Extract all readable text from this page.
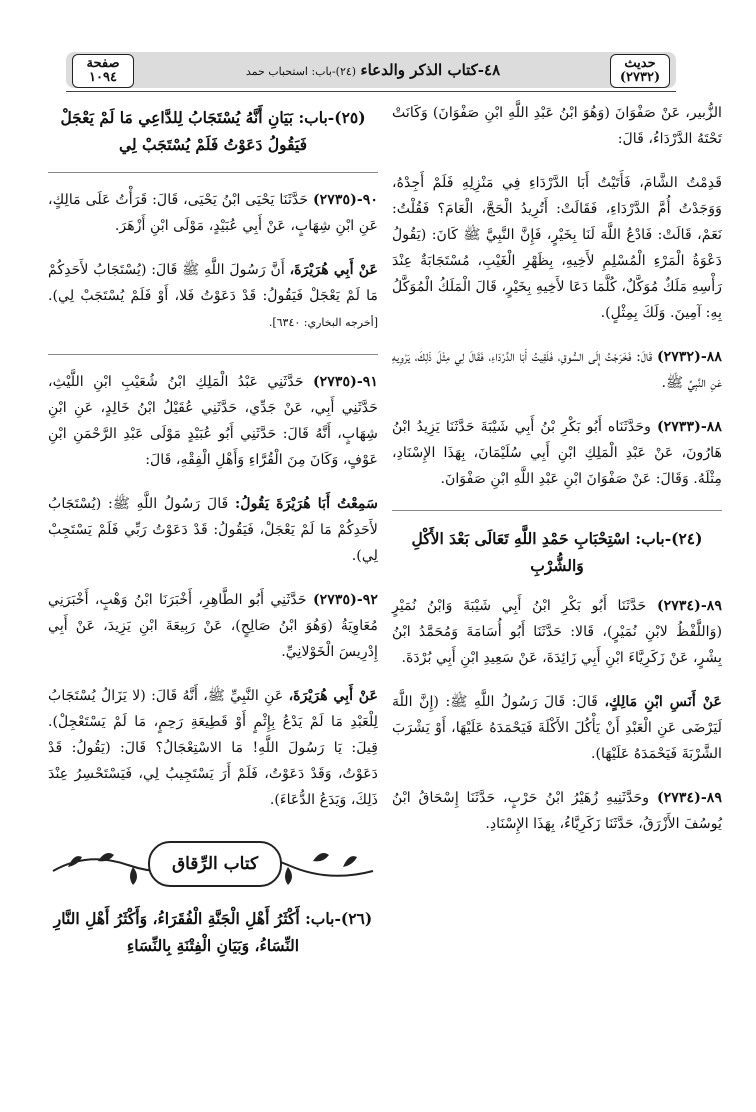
حديث
(٢٧٣٢)
٤٨-كتاب الذكر والدعاء (٢٤)-باب: استحباب حمد
صفحة
١٠٩٤

الزُّبير، عَنْ صَفْوَانَ (وَهُوَ ابْنُ عَبْدِ اللَّهِ ابْنِ صَفْوَانَ) وَكَانَتْ تَحْتَهُ الدَّرْدَاءُ، قَالَ:

قَدِمْتُ الشَّامَ، فَأَتَيْتُ أَبَا الدَّرْدَاءِ فِي مَنْزِلِهِ فَلَمْ أَجِدْهُ، وَوَجَدْتُ أُمَّ الدَّرْدَاءِ، فَقَالَتْ: أَتُرِيدُ الْحَجَّ، الْعَامَ؟ فَقُلْتُ: نَعَمْ، قَالَتْ: فَادْعُ اللَّهَ لَنَا بِخَيْرٍ، فَإِنَّ النَّبِيَّ ﷺ كَانَ: (يَقُولُ دَعْوَةُ الْمَرْءِ الْمُسْلِمِ لأَخِيهِ، بِظَهْرِ الْغَيْبِ، مُسْتَجَابَةٌ عِنْدَ رَأْسِهِ مَلَكٌ مُوَكَّلٌ، كُلَّمَا دَعَا لأَخِيهِ بِخَيْرٍ، قَالَ الْمَلَكُ الْمُوَكَّلُ بِهِ: آمِينَ. وَلَكَ بِمِثْلٍ).

٨٨-(٢٧٣٢) قَالَ: فَخَرَجْتُ إِلَى السُّوقِ، فَلَقِيتُ أَبَا الدَّرْدَاءِ، فَقَالَ لِي مِثْلَ ذَلِكَ، يَرْوِيهِ عَنِ النَّبِيِّ ﷺ.

٨٨-(٢٧٣٣) وحَدَّثَنَاه أَبُو بَكْرِ بْنُ أَبِي شَيْبَةَ حَدَّثَنَا يَزِيدُ ابْنُ هَارُونَ، عَنْ عَبْدِ الْمَلِكِ ابْنِ أَبِي سُلَيْمَانَ، بِهَذَا الإِسْنَادِ، مِثْلَهُ. وَقَالَ: عَنْ صَفْوَانَ ابْنِ عَبْدِ اللَّهِ ابْنِ صَفْوَانَ.

(٢٤)-باب: اسْتِحْبَابِ حَمْدِ اللَّهِ تَعَالَى بَعْدَ الأَكْلِ وَالشُّرْبِ

٨٩-(٢٧٣٤) حَدَّثَنَا أَبُو بَكْرِ ابْنُ أَبِي شَيْبَةَ وَابْنُ نُمَيْرٍ (وَاللَّفْظُ لابْنِ نُمَيْرٍ)، قَالا: حَدَّثَنَا أَبُو أُسَامَةَ وَمُحَمَّدُ ابْنُ بِشْرٍ، عَنْ زَكَرِيَّاءَ ابْنِ أَبِي زَائِدَةَ، عَنْ سَعِيدِ ابْنِ أَبِي بُرْدَةَ.

عَنْ أَنَسِ ابْنِ مَالِكٍ، قَالَ: قَالَ رَسُولُ اللَّهِ ﷺ: (إِنَّ اللَّهَ لَيَرْضَى عَنِ الْعَبْدِ أَنْ يَأْكُلَ الأَكْلَةَ فَيَحْمَدَهُ عَلَيْهَا، أَوْ يَشْرَبَ الشَّرْبَةَ فَيَحْمَدَهُ عَلَيْهَا).

٨٩-(٢٧٣٤) وحَدَّثَنِيهِ زُهَيْرُ ابْنُ حَرْبٍ، حَدَّثَنَا إِسْحَاقُ ابْنُ يُوسُفَ الأَزْرَقُ، حَدَّثَنَا زَكَرِيَّاءُ، بِهَذَا الإِسْنَادِ.

(٢٥)-باب: بَيَانِ أَنَّهُ يُسْتَجَابُ لِلدَّاعِي مَا لَمْ يَعْجَلْ فَيَقُولُ دَعَوْتُ فَلَمْ يُسْتَجَبْ لِي

٩٠-(٢٧٣٥) حَدَّثَنَا يَحْيَى ابْنُ يَحْيَى، قَالَ: قَرَأْتُ عَلَى مَالِكٍ، عَنِ ابْنِ شِهَابٍ، عَنْ أَبِي عُبَيْدٍ، مَوْلَى ابْنِ أَزْهَرَ.

عَنْ أَبِي هُرَيْرَةَ، أَنَّ رَسُولَ اللَّهِ ﷺ قَالَ: (يُسْتَجَابُ لأَحَدِكُمْ مَا لَمْ يَعْجَلْ فَيَقُولُ: قَدْ دَعَوْتُ فَلا، أَوْ فَلَمْ يُسْتَجَبْ لِي). [أخرجه البخاري: ٦٣٤٠].

٩١-(٢٧٣٥) حَدَّثَنِي عَبْدُ الْمَلِكِ ابْنُ شُعَيْبِ ابْنِ اللَّيْثِ، حَدَّثَنِي أَبِي، عَنْ جَدِّي، حَدَّثَنِي عُقَيْلُ ابْنُ خَالِدٍ، عَنِ ابْنِ شِهَابٍ، أَنَّهُ قَالَ: حَدَّثَنِي أَبُو عُبَيْدٍ مَوْلَى عَبْدِ الرَّحْمَنِ ابْنِ عَوْفٍ، وَكَانَ مِنَ الْقُرَّاءِ وَأَهْلِ الْفِقْهِ، قَالَ:

سَمِعْتُ أَبَا هُرَيْرَةَ يَقُولُ: قَالَ رَسُولُ اللَّهِ ﷺ: (يُسْتَجَابُ لأَحَدِكُمْ مَا لَمْ يَعْجَلْ، فَيَقُولُ: قَدْ دَعَوْتُ رَبِّي فَلَمْ يَسْتَجِبْ لِي).

٩٢-(٢٧٣٥) حَدَّثَنِي أَبُو الطَّاهِرِ، أَخْبَرَنَا ابْنُ وَهْبٍ، أَخْبَرَنِي مُعَاوِيَةُ (وَهُوَ ابْنُ صَالِحٍ)، عَنْ رَبِيعَةَ ابْنِ يَزِيدَ، عَنْ أَبِي إِدْرِيسَ الْخَوْلانِيِّ.

عَنْ أَبِي هُرَيْرَةَ، عَنِ النَّبِيِّ ﷺ، أَنَّهُ قَالَ: (لا يَزَالُ يُسْتَجَابُ لِلْعَبْدِ مَا لَمْ يَدْعُ بِإِثْمٍ أَوْ قَطِيعَةِ رَحِمٍ، مَا لَمْ يَسْتَعْجِلْ). قِيلَ: يَا رَسُولَ اللَّهِ! مَا الاسْتِعْجَالُ؟ قَالَ: (يَقُولُ: قَدْ دَعَوْتُ، وَقَدْ دَعَوْتُ، فَلَمْ أَرَ يَسْتَجِيبُ لِي، فَيَسْتَحْسِرُ عِنْدَ ذَلِكَ، وَيَدَعُ الدُّعَاءَ).

كتاب الرِّقاق
(٢٦)-باب: أَكْثَرُ أَهْلِ الْجَنَّةِ الْفُقَرَاءُ، وَأَكْثَرُ أَهْلِ النَّارِ النِّسَاءُ، وَبَيَانِ الْفِتْنَةِ بِالنِّسَاءِ
